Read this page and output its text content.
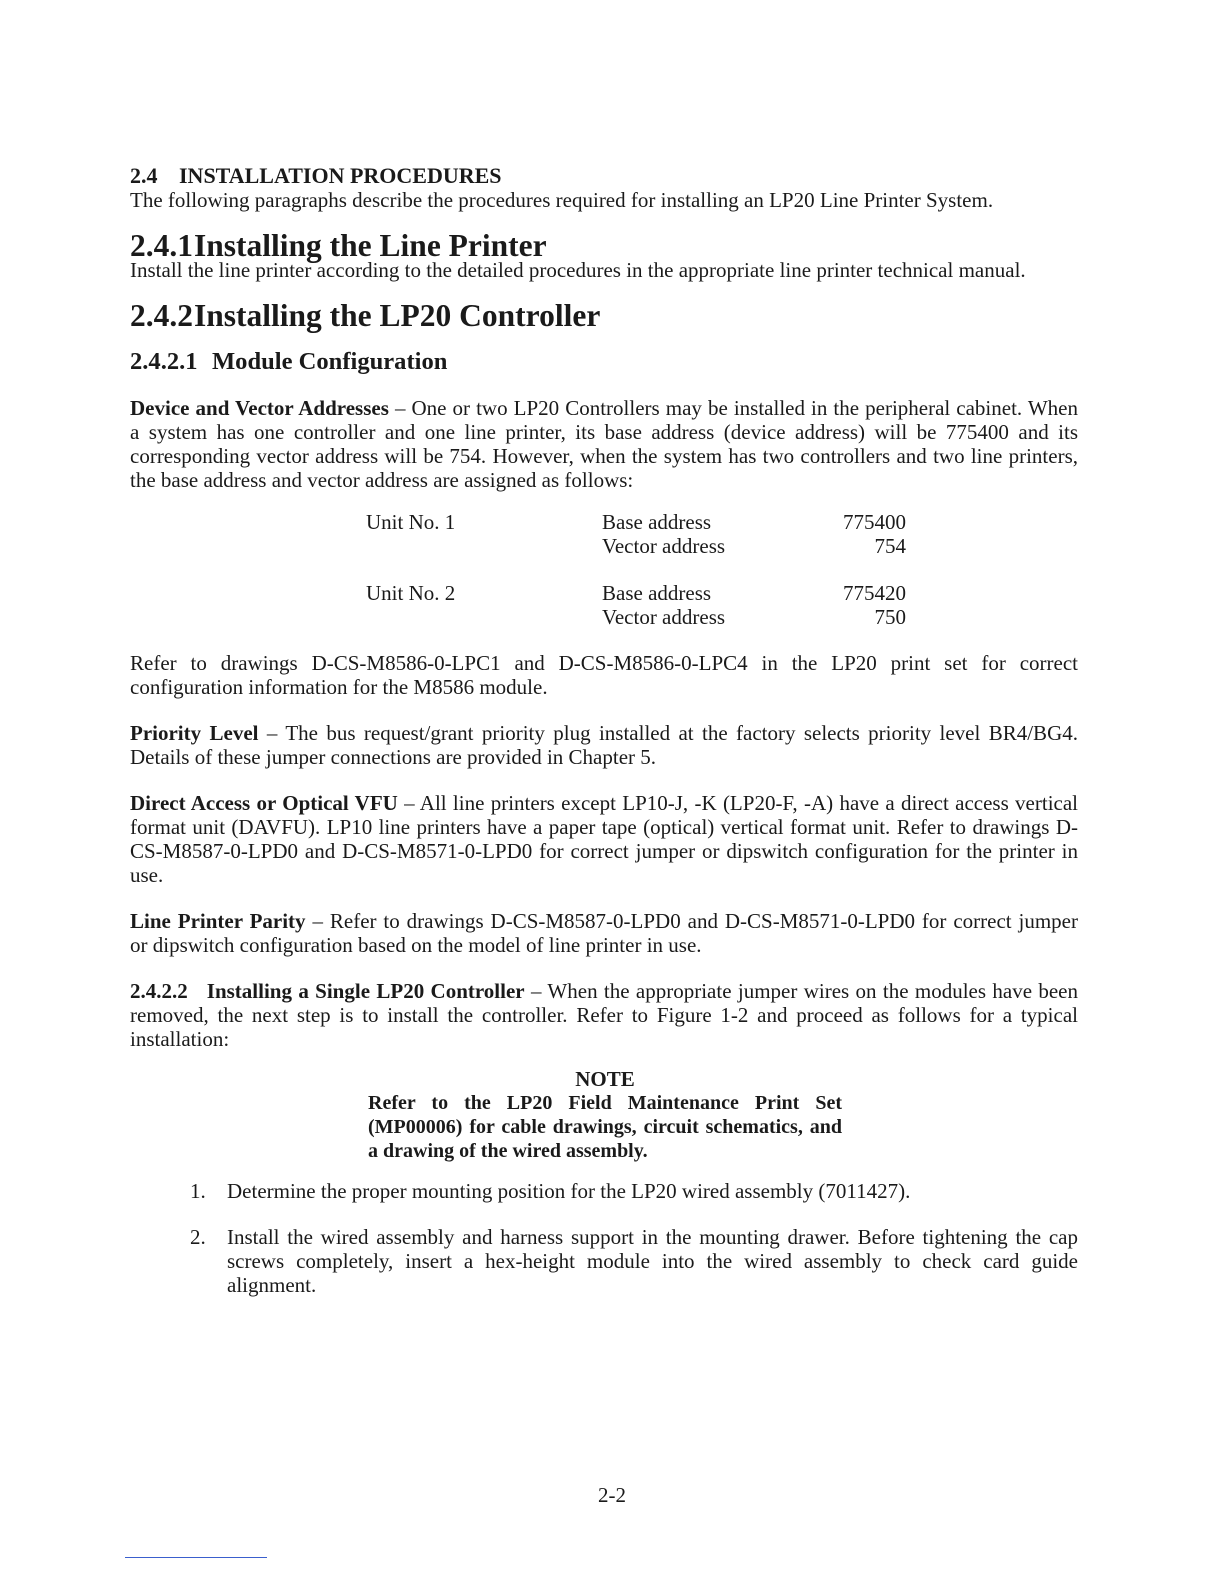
2.4 INSTALLATION PROCEDURES

The following paragraphs describe the procedures required for installing an LP20 Line Printer System.

2.4.1Installing the Line Printer

Install the line printer according to the detailed procedures in the appropriate line printer technical manual.

2.4.2Installing the LP20 Controller
2.4.2.1 Module Configuration

Device and Vector Addresses – One or two LP20 Controllers may be installed in the peripheral cabinet. When a system has one controller and one line printer, its base address (device address) will be 775400 and its corresponding vector address will be 754. However, when the system has two controllers and two line printers, the base address and vector address are assigned as follows:

Unit No. 1	Base address	775400
	Vector address	754

Unit No. 2	Base address	775420
	Vector address	750

Refer to drawings D-CS-M8586-0-LPC1 and D-CS-M8586-0-LPC4 in the LP20 print set for correct configuration information for the M8586 module.

Priority Level – The bus request/grant priority plug installed at the factory selects priority level BR4/BG4. Details of these jumper connections are provided in Chapter 5.

Direct Access or Optical VFU – All line printers except LP10-J, -K (LP20-F, -A) have a direct access vertical format unit (DAVFU). LP10 line printers have a paper tape (optical) vertical format unit. Refer to drawings D-CS-M8587-0-LPD0 and D-CS-M8571-0-LPD0 for correct jumper or dipswitch configuration for the printer in use.

Line Printer Parity – Refer to drawings D-CS-M8587-0-LPD0 and D-CS-M8571-0-LPD0 for correct jumper or dipswitch configuration based on the model of line printer in use.

2.4.2.2 Installing a Single LP20 Controller – When the appropriate jumper wires on the modules have been removed, the next step is to install the controller. Refer to Figure 1-2 and proceed as follows for a typical installation:

NOTE
Refer to the LP20 Field Maintenance Print Set (MP00006) for cable drawings, circuit schematics, and a drawing of the wired assembly.
1. Determine the proper mounting position for the LP20 wired assembly (7011427).
2. Install the wired assembly and harness support in the mounting drawer. Before tightening the cap screws completely, insert a hex-height module into the wired assembly to check card guide alignment.
2-2
